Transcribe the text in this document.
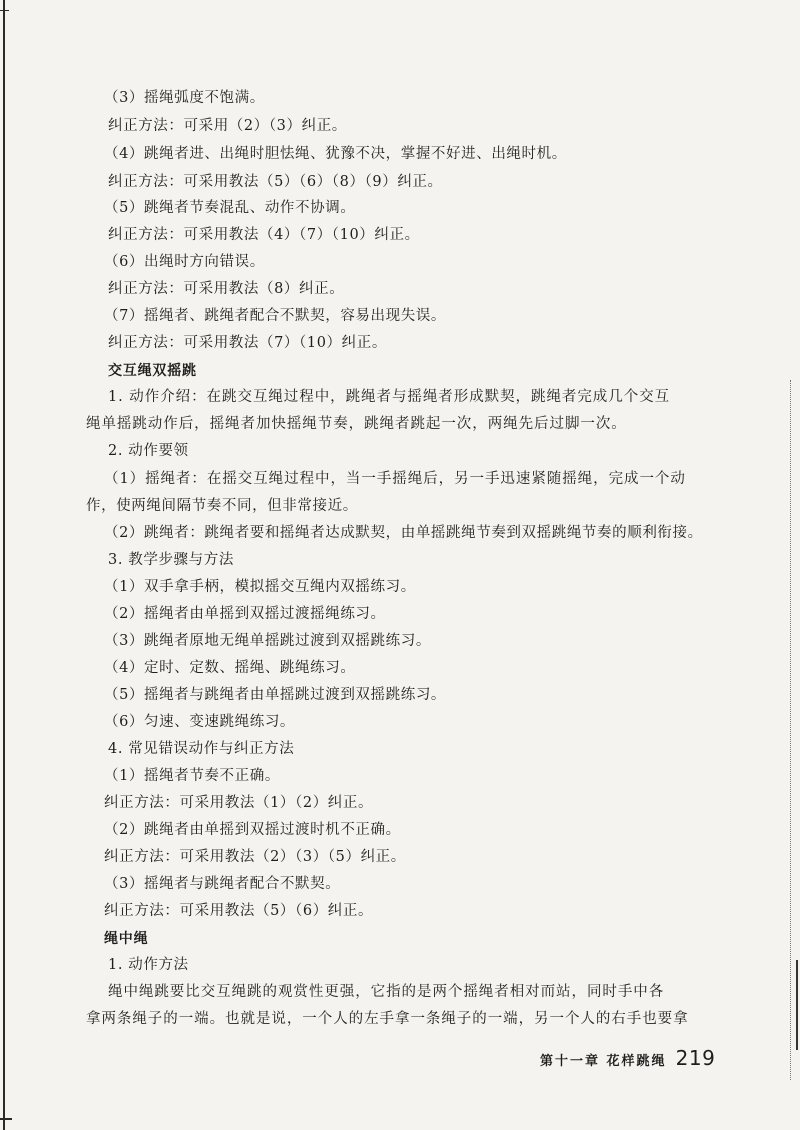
（3）摇绳弧度不饱满。

纠正方法：可采用（2）（3）纠正。

（4）跳绳者进、出绳时胆怯绳、犹豫不决，掌握不好进、出绳时机。

纠正方法：可采用教法（5）（6）（8）（9）纠正。

（5）跳绳者节奏混乱、动作不协调。

纠正方法：可采用教法（4）（7）（10）纠正。

（6）出绳时方向错误。

纠正方法：可采用教法（8）纠正。

（7）摇绳者、跳绳者配合不默契，容易出现失误。

纠正方法：可采用教法（7）（10）纠正。

交互绳双摇跳

1. 动作介绍：在跳交互绳过程中，跳绳者与摇绳者形成默契，跳绳者完成几个交互

绳单摇跳动作后，摇绳者加快摇绳节奏，跳绳者跳起一次，两绳先后过脚一次。

2. 动作要领

（1）摇绳者：在摇交互绳过程中，当一手摇绳后，另一手迅速紧随摇绳，完成一个动

作，使两绳间隔节奏不同，但非常接近。

（2）跳绳者：跳绳者要和摇绳者达成默契，由单摇跳绳节奏到双摇跳绳节奏的顺利衔接。

3. 教学步骤与方法

（1）双手拿手柄，模拟摇交互绳内双摇练习。

（2）摇绳者由单摇到双摇过渡摇绳练习。

（3）跳绳者原地无绳单摇跳过渡到双摇跳练习。

（4）定时、定数、摇绳、跳绳练习。

（5）摇绳者与跳绳者由单摇跳过渡到双摇跳练习。

（6）匀速、变速跳绳练习。

4. 常见错误动作与纠正方法

（1）摇绳者节奏不正确。

纠正方法：可采用教法（1）（2）纠正。

（2）跳绳者由单摇到双摇过渡时机不正确。

纠正方法：可采用教法（2）（3）（5）纠正。

（3）摇绳者与跳绳者配合不默契。

纠正方法：可采用教法（5）（6）纠正。

绳中绳

1. 动作方法

绳中绳跳要比交互绳跳的观赏性更强，它指的是两个摇绳者相对而站，同时手中各

拿两条绳子的一端。也就是说，一个人的左手拿一条绳子的一端，另一个人的右手也要拿

第十一章 花样跳绳 219
